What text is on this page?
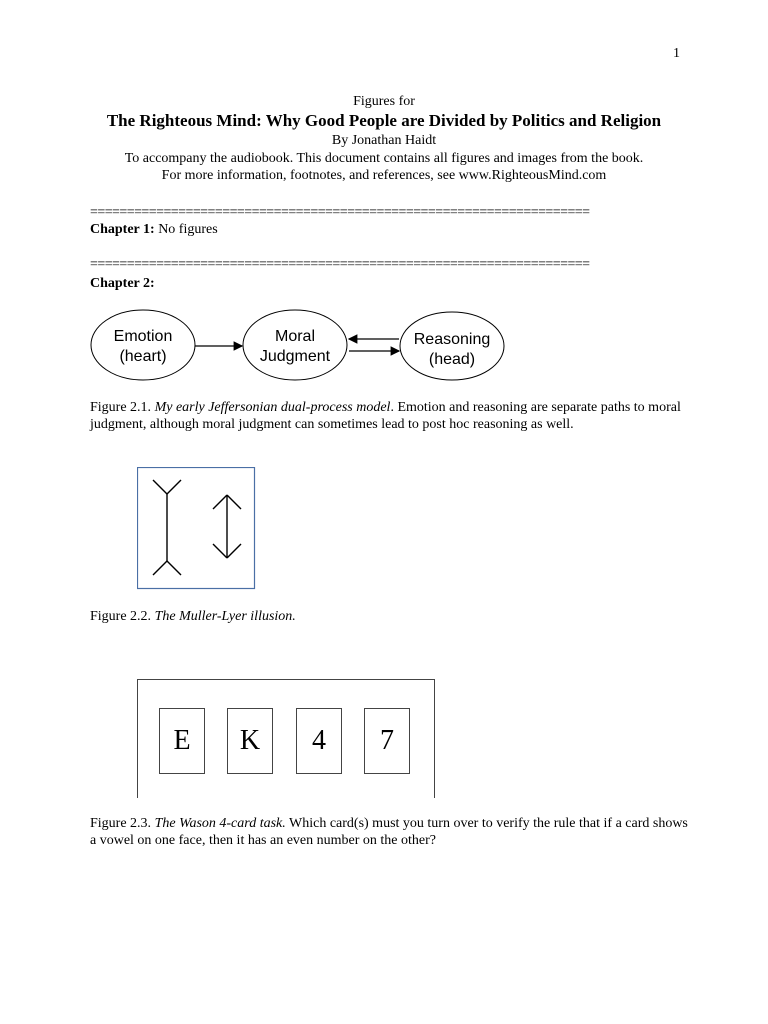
1
Figures for
The Righteous Mind: Why Good People are Divided by Politics and Religion
By Jonathan Haidt
To accompany the audiobook. This document contains all figures and images from the book.
For more information, footnotes, and references, see www.RighteousMind.com
====================================================================
Chapter 1: No figures
====================================================================
Chapter 2:
Emotion
(heart)
Moral
Judgment
Reasoning
(head)
Figure 2.1. My early Jeffersonian dual-process model. Emotion and reasoning are separate paths to moral judgment, although moral judgment can sometimes lead to post hoc reasoning as well.
Figure 2.2. The Muller-Lyer illusion.
E	K	4	7
Figure 2.3. The Wason 4-card task. Which card(s) must you turn over to verify the rule that if a card shows a vowel on one face, then it has an even number on the other?
